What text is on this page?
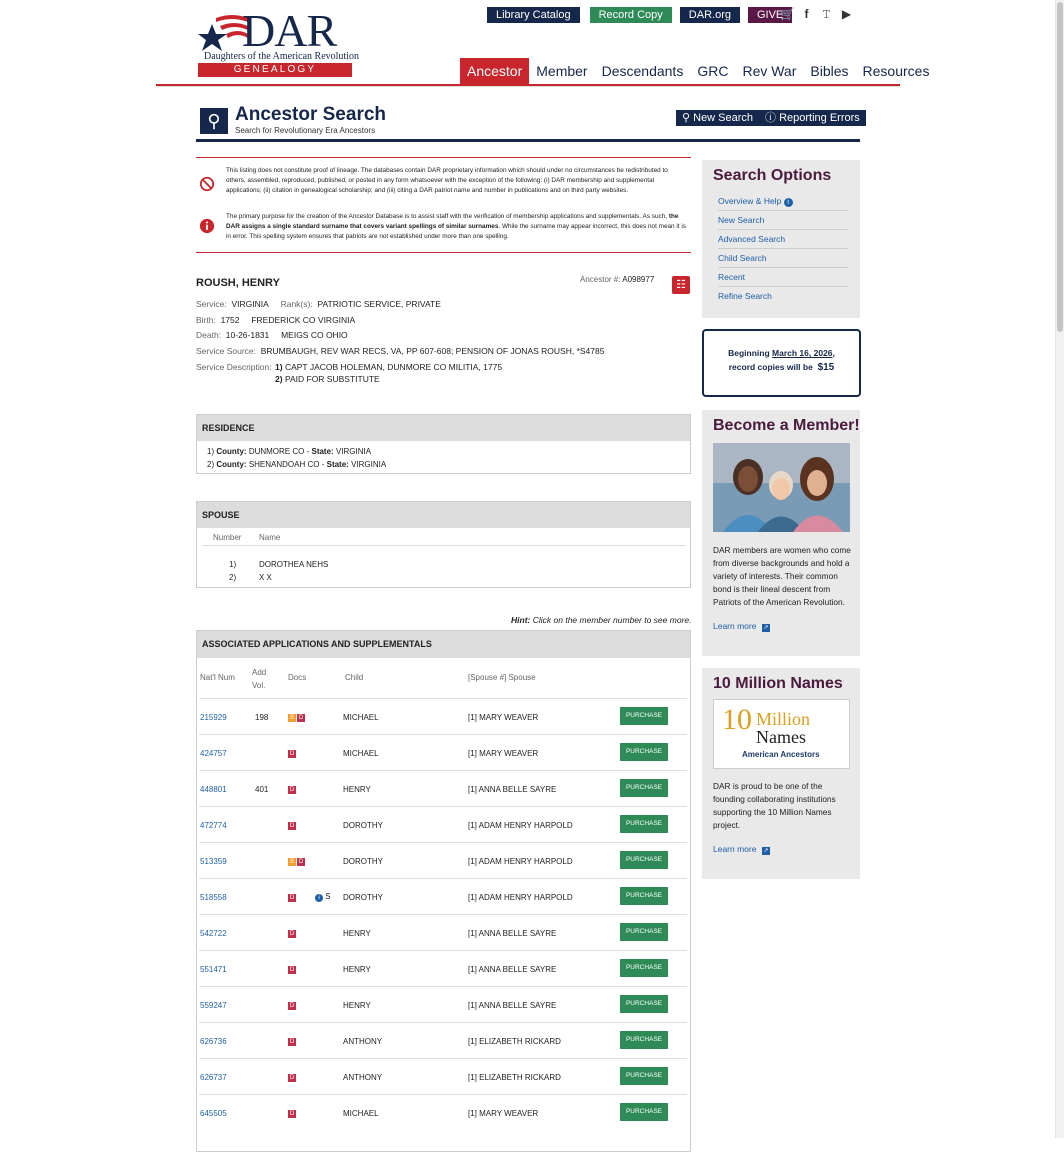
DAR
Daughters of the American Revolution
GENEALOGY
Library Catalog	Record Copy	DAR.org	GIVE
🛒 f	𝚃 ▶
Ancestor	Member	Descendants	GRC	Rev War	Bibles	Resources
⚲ Ancestor Search
Search for Revolutionary Era Ancestors
⚲ New Search	ⓘ Reporting Errors
This listing does not constitute proof of lineage. The databases contain DAR proprietary information which should under no circumstances be redistributed to others, assembled, reproduced, published, or posted in any form whatsoever with the exception of the following: (i) DAR membership and supplemental applications; (ii) citation in genealogical scholarship; and (iii) citing a DAR patriot name and number in publications and on third party websites.
The primary purpose for the creation of the Ancestor Database is to assist staff with the verification of membership applications and supplementals. As such, the DAR assigns a single standard surname that covers variant spellings of similar surnames. While the surname may appear incorrect, this does not mean it is in error. This spelling system ensures that patriots are not established under more than one spelling.
ROUSH, HENRY	Ancestor #: A098977	☷
Service: VIRGINIA Rank(s): PATRIOTIC SERVICE, PRIVATE
Birth: 1752 FREDERICK CO VIRGINIA
Death: 10-26-1831 MEIGS CO OHIO
Service Source: BRUMBAUGH, REV WAR RECS, VA, PP 607-608; PENSION OF JONAS ROUSH, *S4785
Service Description: 1) CAPT JACOB HOLEMAN, DUNMORE CO MILITIA, 1775
2) PAID FOR SUBSTITUTE
RESIDENCE
1) County: DUNMORE CO - State: VIRGINIA
2) County: SHENANDOAH CO - State: VIRGINIA
SPOUSE
Number Name
1)	DOROTHEA NEHS
2)	X X
Hint: Click on the member number to see more.
ASSOCIATED APPLICATIONS AND SUPPLEMENTALS
Nat'l Num
Add
Vol.
Docs	Child	[Spouse #] Spouse
215929	198	S D	MICHAEL	[1] MARY WEAVER	PURCHASE
424757	D	MICHAEL	[1] MARY WEAVER	PURCHASE
448801	401	D	HENRY	[1] ANNA BELLE SAYRE	PURCHASE
472774	D	DOROTHY	[1] ADAM HENRY HARPOLD	PURCHASE
513359	S D	DOROTHY	[1] ADAM HENRY HARPOLD	PURCHASE
518558	D	i S DOROTHY	[1] ADAM HENRY HARPOLD	PURCHASE
542722	D	HENRY	[1] ANNA BELLE SAYRE	PURCHASE
551471	D	HENRY	[1] ANNA BELLE SAYRE	PURCHASE
559247	D	HENRY	[1] ANNA BELLE SAYRE	PURCHASE
626736	D	ANTHONY	[1] ELIZABETH RICKARD	PURCHASE
626737	D	ANTHONY	[1] ELIZABETH RICKARD	PURCHASE
645505	D	MICHAEL	[1] MARY WEAVER	PURCHASE
Search Options
Overview & Help i
New Search
Advanced Search
Child Search
Recent
Refine Search
Beginning March 16, 2026,
record copies will be $15
Become a Member!

DAR members are women who come from diverse backgrounds and hold a variety of interests. Their common bond is their lineal descent from Patriots of the American Revolution.

Learn more ↗
10 Million Names
10 Million
Names
American Ancestors

DAR is proud to be one of the founding collaborating institutions supporting the 10 Million Names project.

Learn more ↗
